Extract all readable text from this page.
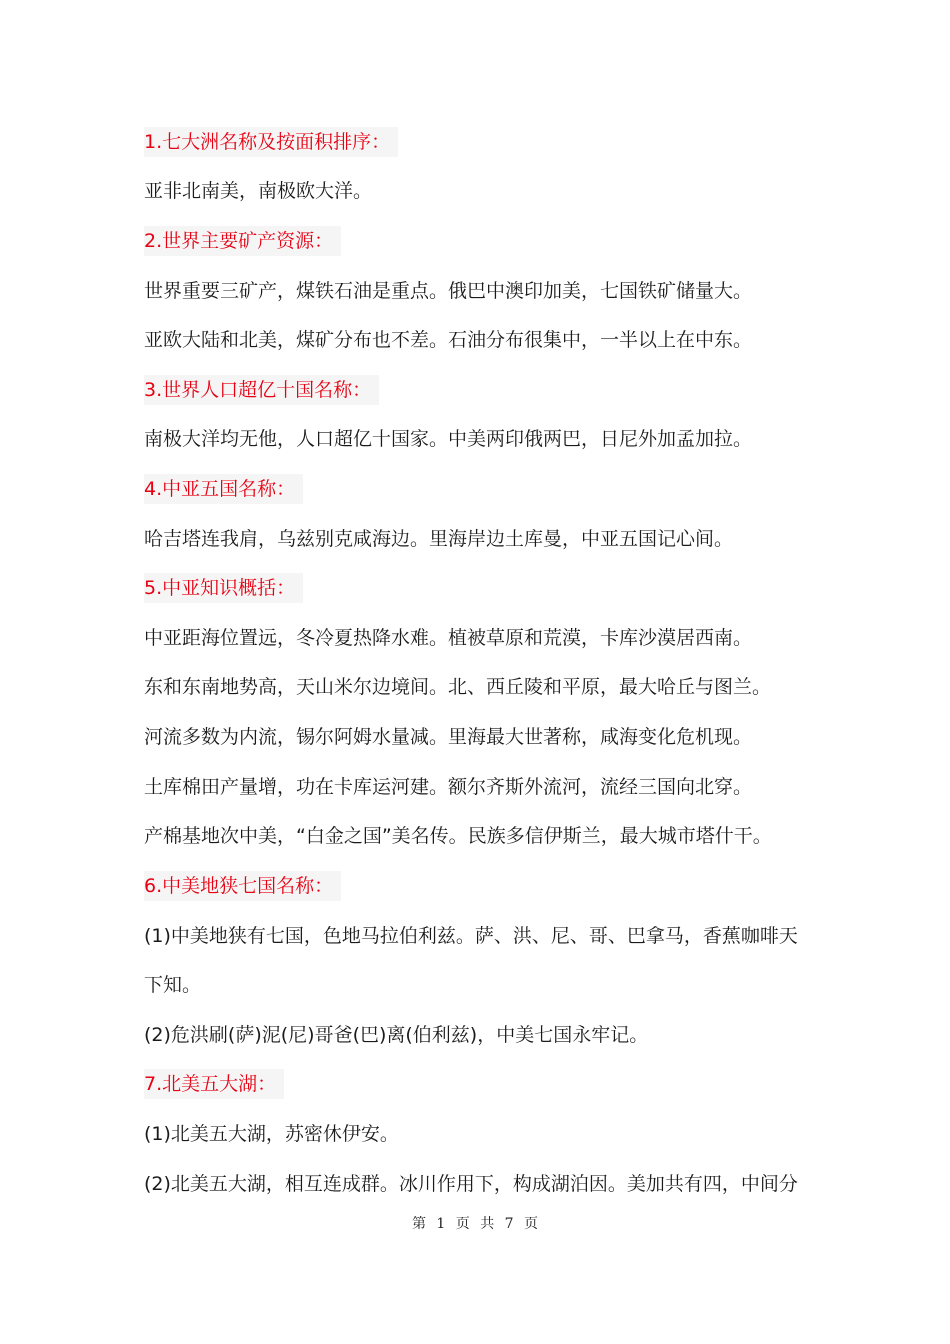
1.七大洲名称及按面积排序：
亚非北南美，南极欧大洋。
2.世界主要矿产资源：
世界重要三矿产，煤铁石油是重点。俄巴中澳印加美，七国铁矿储量大。
亚欧大陆和北美，煤矿分布也不差。石油分布很集中，一半以上在中东。
3.世界人口超亿十国名称：
南极大洋均无他，人口超亿十国家。中美两印俄两巴，日尼外加孟加拉。
4.中亚五国名称：
哈吉塔连我肩，乌兹别克咸海边。里海岸边土库曼，中亚五国记心间。
5.中亚知识概括：
中亚距海位置远，冬冷夏热降水难。植被草原和荒漠，卡库沙漠居西南。
东和东南地势高，天山米尔边境间。北、西丘陵和平原，最大哈丘与图兰。
河流多数为内流，锡尔阿姆水量减。里海最大世著称，咸海变化危机现。
土库棉田产量增，功在卡库运河建。额尔齐斯外流河，流经三国向北穿。
产棉基地次中美，“白金之国”美名传。民族多信伊斯兰，最大城市塔什干。
6.中美地狭七国名称：
(1)中美地狭有七国，色地马拉伯利兹。萨、洪、尼、哥、巴拿马，香蕉咖啡天
下知。
(2)危洪刷(萨)泥(尼)哥爸(巴)离(伯利兹)，中美七国永牢记。
7.北美五大湖：
(1)北美五大湖，苏密休伊安。
(2)北美五大湖，相互连成群。冰川作用下，构成湖泊因。美加共有四，中间分
第 1 页 共 7 页
